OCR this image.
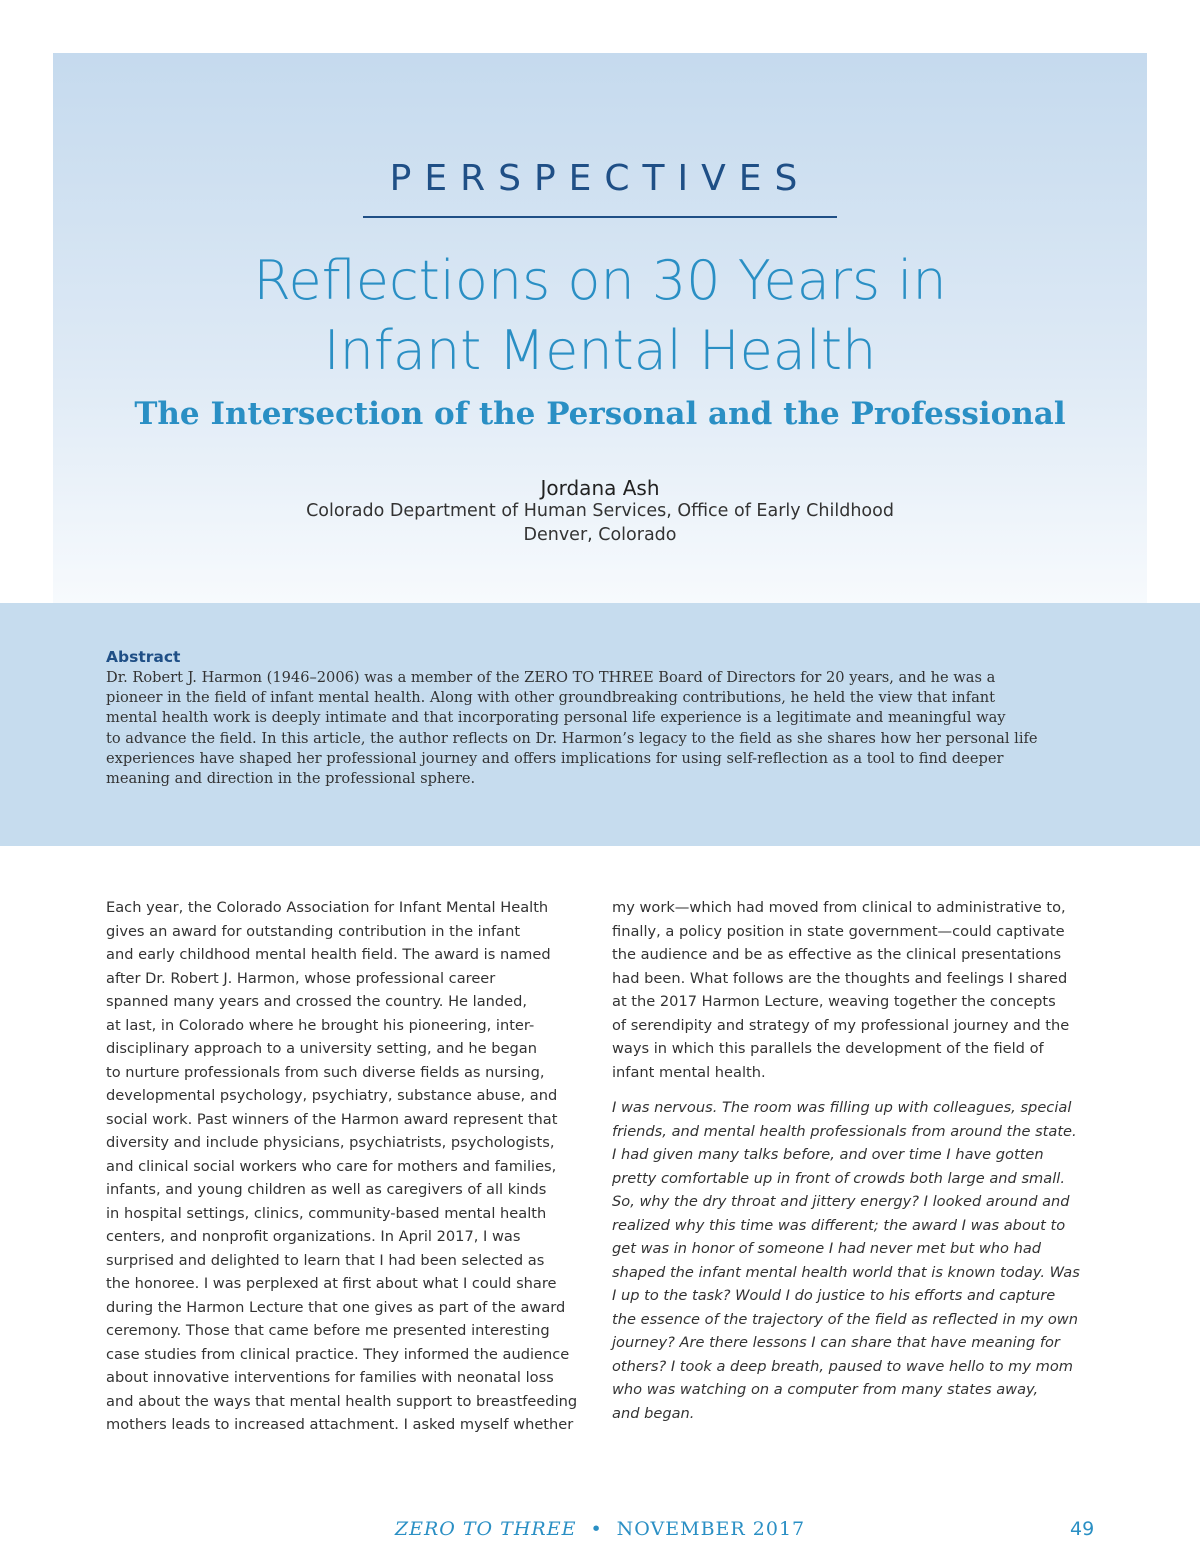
PERSPECTIVES
Reflections on 30 Years in
Infant Mental Health
The Intersection of the Personal and the Professional
Jordana Ash
Colorado Department of Human Services, Office of Early Childhood
Denver, Colorado
Abstract
Dr. Robert J. Harmon (1946–2006) was a member of the ZERO TO THREE Board of Directors for 20 years, and he was a
pioneer in the field of infant mental health. Along with other groundbreaking contributions, he held the view that infant
mental health work is deeply intimate and that incorporating personal life experience is a legitimate and meaningful way
to advance the field. In this article, the author reflects on Dr. Harmon’s legacy to the field as she shares how her personal life
experiences have shaped her professional journey and offers implications for using self-reflection as a tool to find deeper
meaning and direction in the professional sphere.
Each year, the Colorado Association for Infant Mental Health
gives an award for outstanding contribution in the infant
and early childhood mental health field. The award is named
after Dr. Robert J. Harmon, whose professional career
spanned many years and crossed the country. He landed,
at last, in Colorado where he brought his pioneering, inter-
disciplinary approach to a university setting, and he began
to nurture professionals from such diverse fields as nursing,
developmental psychology, psychiatry, substance abuse, and
social work. Past winners of the Harmon award represent that
diversity and include physicians, psychiatrists, psychologists,
and clinical social workers who care for mothers and families,
infants, and young children as well as caregivers of all kinds
in hospital settings, clinics, community-based mental health
centers, and nonprofit organizations. In April 2017, I was
surprised and delighted to learn that I had been selected as
the honoree. I was perplexed at first about what I could share
during the Harmon Lecture that one gives as part of the award
ceremony. Those that came before me presented interesting
case studies from clinical practice. They informed the audience
about innovative interventions for families with neonatal loss
and about the ways that mental health support to breastfeeding
mothers leads to increased attachment. I asked myself whether
my work—which had moved from clinical to administrative to,
finally, a policy position in state government—could captivate
the audience and be as effective as the clinical presentations
had been. What follows are the thoughts and feelings I shared
at the 2017 Harmon Lecture, weaving together the concepts
of serendipity and strategy of my professional journey and the
ways in which this parallels the development of the field of
infant mental health.
I was nervous. The room was filling up with colleagues, special
friends, and mental health professionals from around the state.
I had given many talks before, and over time I have gotten
pretty comfortable up in front of crowds both large and small.
So, why the dry throat and jittery energy? I looked around and
realized why this time was different; the award I was about to
get was in honor of someone I had never met but who had
shaped the infant mental health world that is known today. Was
I up to the task? Would I do justice to his efforts and capture
the essence of the trajectory of the field as reflected in my own
journey? Are there lessons I can share that have meaning for
others? I took a deep breath, paused to wave hello to my mom
who was watching on a computer from many states away,
and began.
ZERO TO THREE • NOVEMBER 2017	49
